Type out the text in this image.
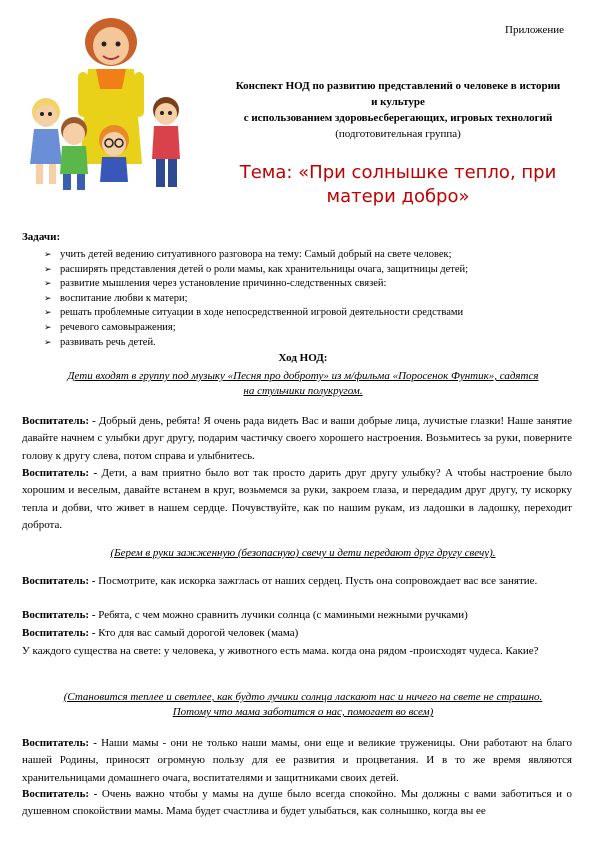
Приложение
Конспект НОД по развитию представлений о человеке в истории
и культуре
с использованием здоровьесберегающих, игровых технологий
(подготовительная группа)
Тема: «При солнышке тепло, при
матери добро»
Задачи:
➢ учить детей ведению ситуативного разговора на тему: Самый добрый на свете человек;
➢ расширять представления детей о роли мамы, как хранительницы очага, защитницы детей;
➢ развитие мышления через установление причинно-следственных связей:
➢ воспитание любви к матери;
➢ решать проблемные ситуации в ходе непосредственной игровой деятельности средствами
➢ речевого самовыражения;
➢ развивать речь детей.
Ход НОД:
Дети входят в группу под музыку «Песня про доброту» из м/фильма «Поросенок Фунтик», садятся
на стульчики полукругом.
Воспитатель: - Добрый день, ребята! Я очень рада видеть Вас и ваши добрые лица, лучистые глазки! Наше занятие давайте начнем с улыбки друг другу, подарим частичку своего хорошего настроения. Возьмитесь за руки, поверните голову к другу слева, потом справа и улыбнитесь.
Воспитатель: - Дети, а вам приятно было вот так просто дарить друг другу улыбку? А чтобы настроение было хорошим и веселым, давайте встанем в круг, возьмемся за руки, закроем глаза, и передадим друг другу, ту искорку тепла и добви, что живет в нашем сердце. Почувствуйте, как по нашим рукам, из ладошки в ладошку, переходит доброта.
(Берем в руки зажженную (безопасную) свечу и дети передают друг другу свечу).
Воспитатель: - Посмотрите, как искорка зажглась от наших сердец. Пусть она сопровождает вас все занятие.
Воспитатель: - Ребята, с чем можно сравнить лучики солнца (с мамиными нежными ручками)
Воспитатель: - Кто для вас самый дорогой человек (мама)
У каждого существа на свете: у человека, у животного есть мама. когда она рядом -происходят чудеса. Какие?
(Становится теплее и светлее, как будто лучики солнца ласкают нас и ничего на свете не страшно.
Потому что мама заботится о нас, помогает во всем)
Воспитатель: - Наши мамы - они не только наши мамы, они еще и великие труженицы. Они работают на благо нашей Родины, приносят огромную пользу для ее развития и процветания. И в то же время являются хранительницами домашнего очага, воспитателями и защитниками своих детей.
Воспитатель: - Очень важно чтобы у мамы на душе было всегда спокойно. Мы должны с вами заботиться и о душевном спокойствии мамы. Мама будет счастлива и будет улыбаться, как солнышко, когда вы ее
